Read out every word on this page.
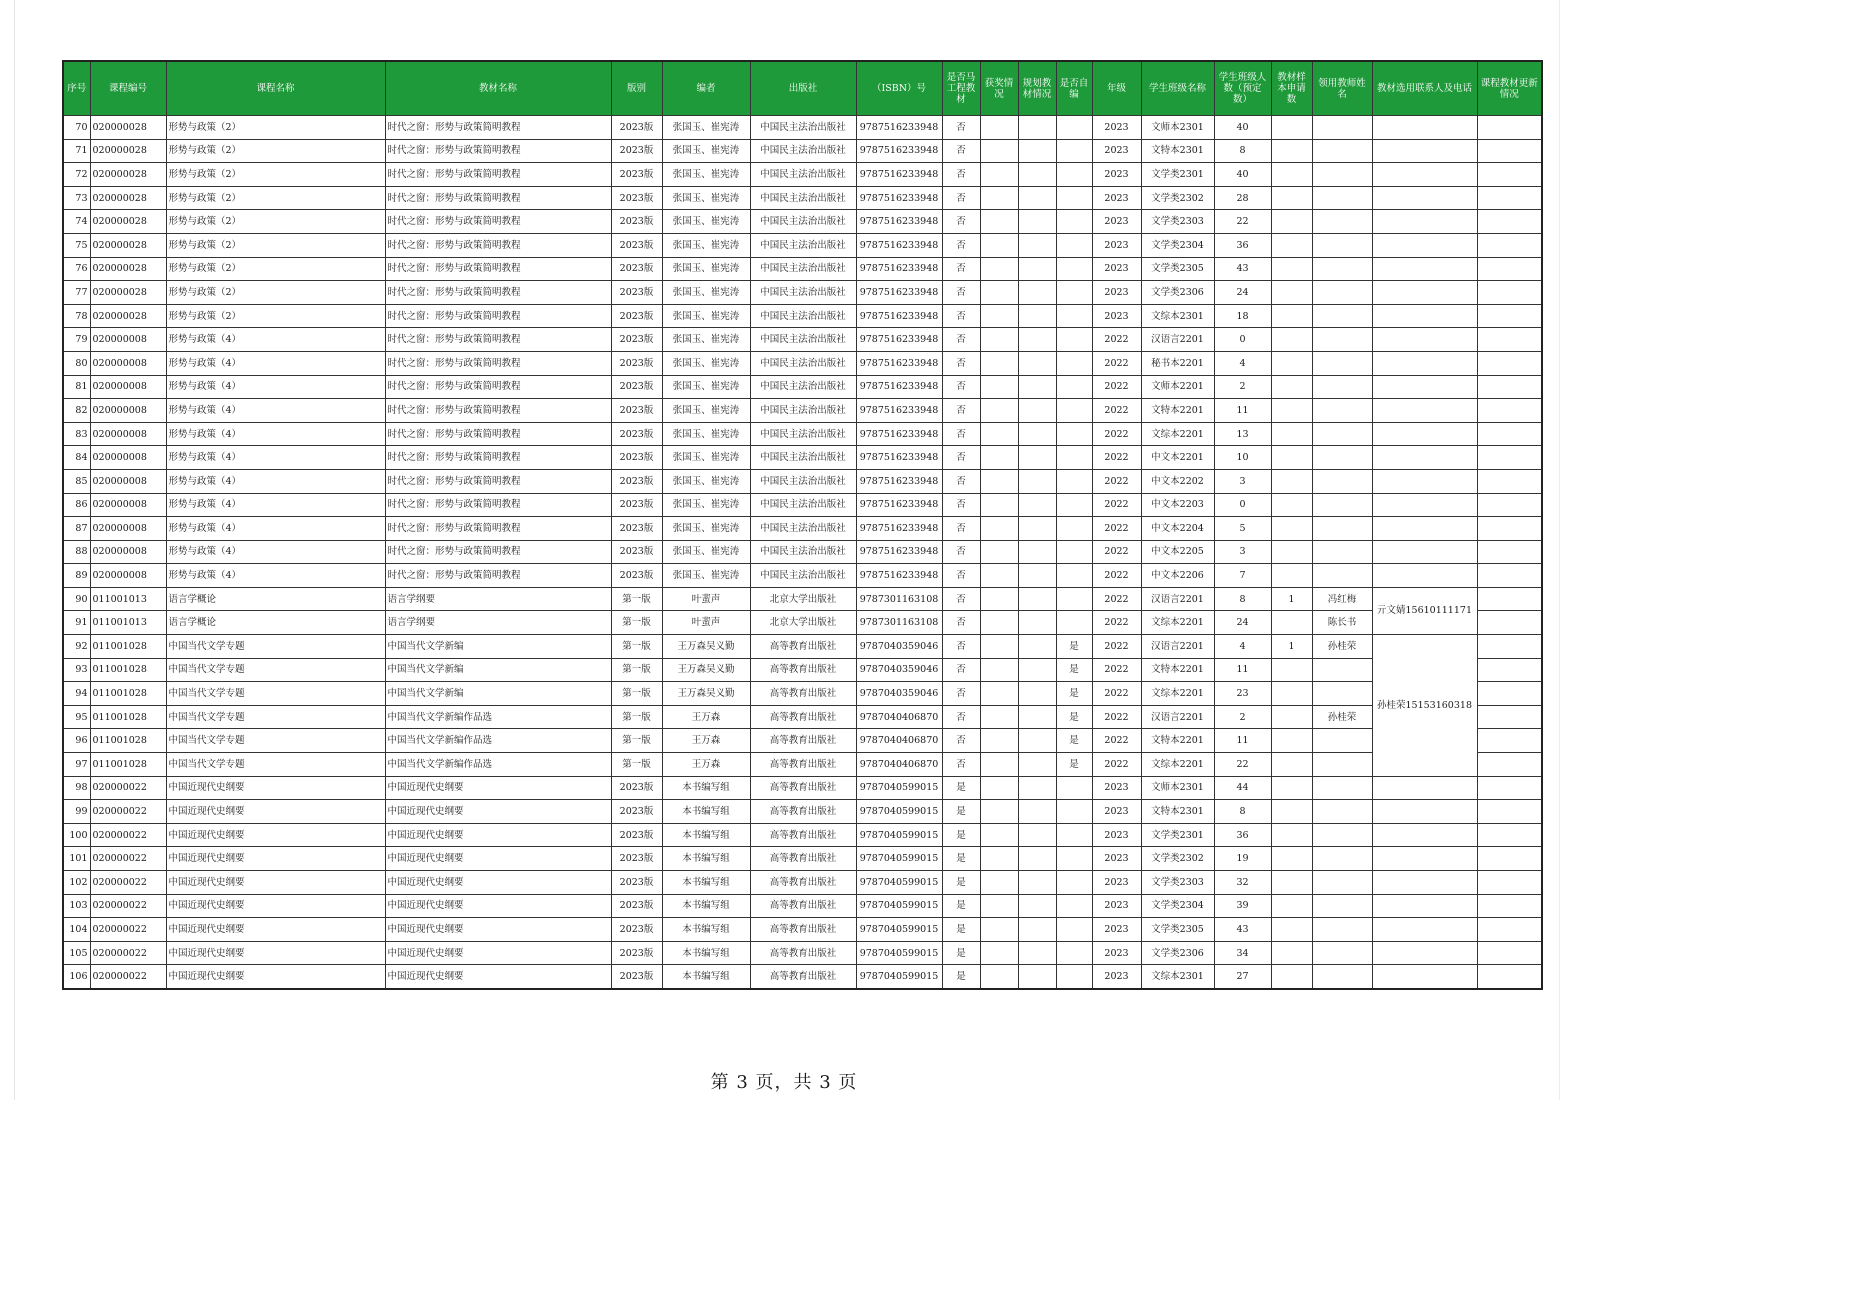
序号	课程编号	课程名称	教材名称	版别	编者	出版社	（ISBN）号	是否马工程教材	获奖情况	规划教材情况	是否自编	年级	学生班级名称	学生班级人数（预定数）	教材样本申请数	领用教师姓名	教材选用联系人及电话	课程教材更新情况
70	020000028	形势与政策（2）	时代之窗：形势与政策简明教程	2023版	张国玉、崔宪涛	中国民主法治出版社	9787516233948	否				2023	文师本2301	40				
71	020000028	形势与政策（2）	时代之窗：形势与政策简明教程	2023版	张国玉、崔宪涛	中国民主法治出版社	9787516233948	否				2023	文特本2301	8				
72	020000028	形势与政策（2）	时代之窗：形势与政策简明教程	2023版	张国玉、崔宪涛	中国民主法治出版社	9787516233948	否				2023	文学类2301	40				
73	020000028	形势与政策（2）	时代之窗：形势与政策简明教程	2023版	张国玉、崔宪涛	中国民主法治出版社	9787516233948	否				2023	文学类2302	28				
74	020000028	形势与政策（2）	时代之窗：形势与政策简明教程	2023版	张国玉、崔宪涛	中国民主法治出版社	9787516233948	否				2023	文学类2303	22				
75	020000028	形势与政策（2）	时代之窗：形势与政策简明教程	2023版	张国玉、崔宪涛	中国民主法治出版社	9787516233948	否				2023	文学类2304	36				
76	020000028	形势与政策（2）	时代之窗：形势与政策简明教程	2023版	张国玉、崔宪涛	中国民主法治出版社	9787516233948	否				2023	文学类2305	43				
77	020000028	形势与政策（2）	时代之窗：形势与政策简明教程	2023版	张国玉、崔宪涛	中国民主法治出版社	9787516233948	否				2023	文学类2306	24				
78	020000028	形势与政策（2）	时代之窗：形势与政策简明教程	2023版	张国玉、崔宪涛	中国民主法治出版社	9787516233948	否				2023	文综本2301	18				
79	020000008	形势与政策（4）	时代之窗：形势与政策简明教程	2023版	张国玉、崔宪涛	中国民主法治出版社	9787516233948	否				2022	汉语言2201	0				
80	020000008	形势与政策（4）	时代之窗：形势与政策简明教程	2023版	张国玉、崔宪涛	中国民主法治出版社	9787516233948	否				2022	秘书本2201	4				
81	020000008	形势与政策（4）	时代之窗：形势与政策简明教程	2023版	张国玉、崔宪涛	中国民主法治出版社	9787516233948	否				2022	文师本2201	2				
82	020000008	形势与政策（4）	时代之窗：形势与政策简明教程	2023版	张国玉、崔宪涛	中国民主法治出版社	9787516233948	否				2022	文特本2201	11				
83	020000008	形势与政策（4）	时代之窗：形势与政策简明教程	2023版	张国玉、崔宪涛	中国民主法治出版社	9787516233948	否				2022	文综本2201	13				
84	020000008	形势与政策（4）	时代之窗：形势与政策简明教程	2023版	张国玉、崔宪涛	中国民主法治出版社	9787516233948	否				2022	中文本2201	10				
85	020000008	形势与政策（4）	时代之窗：形势与政策简明教程	2023版	张国玉、崔宪涛	中国民主法治出版社	9787516233948	否				2022	中文本2202	3				
86	020000008	形势与政策（4）	时代之窗：形势与政策简明教程	2023版	张国玉、崔宪涛	中国民主法治出版社	9787516233948	否				2022	中文本2203	0				
87	020000008	形势与政策（4）	时代之窗：形势与政策简明教程	2023版	张国玉、崔宪涛	中国民主法治出版社	9787516233948	否				2022	中文本2204	5				
88	020000008	形势与政策（4）	时代之窗：形势与政策简明教程	2023版	张国玉、崔宪涛	中国民主法治出版社	9787516233948	否				2022	中文本2205	3				
89	020000008	形势与政策（4）	时代之窗：形势与政策简明教程	2023版	张国玉、崔宪涛	中国民主法治出版社	9787516233948	否				2022	中文本2206	7				
90	011001013	语言学概论	语言学纲要	第一版	叶蜚声	北京大学出版社	9787301163108	否				2022	汉语言2201	8	1	冯红梅	亓文婧15610111171	
91	011001013	语言学概论	语言学纲要	第一版	叶蜚声	北京大学出版社	9787301163108	否				2022	文综本2201	24		陈长书		
92	011001028	中国当代文学专题	中国当代文学新编	第一版	王万森吴义勤	高等教育出版社	9787040359046	否			是	2022	汉语言2201	4	1	孙桂荣	孙桂荣15153160318	
93	011001028	中国当代文学专题	中国当代文学新编	第一版	王万森吴义勤	高等教育出版社	9787040359046	否			是	2022	文特本2201	11				
94	011001028	中国当代文学专题	中国当代文学新编	第一版	王万森吴义勤	高等教育出版社	9787040359046	否			是	2022	文综本2201	23				
95	011001028	中国当代文学专题	中国当代文学新编作品选	第一版	王万森	高等教育出版社	9787040406870	否			是	2022	汉语言2201	2		孙桂荣		
96	011001028	中国当代文学专题	中国当代文学新编作品选	第一版	王万森	高等教育出版社	9787040406870	否			是	2022	文特本2201	11				
97	011001028	中国当代文学专题	中国当代文学新编作品选	第一版	王万森	高等教育出版社	9787040406870	否			是	2022	文综本2201	22				
98	020000022	中国近现代史纲要	中国近现代史纲要	2023版	本书编写组	高等教育出版社	9787040599015	是				2023	文师本2301	44				
99	020000022	中国近现代史纲要	中国近现代史纲要	2023版	本书编写组	高等教育出版社	9787040599015	是				2023	文特本2301	8				
100	020000022	中国近现代史纲要	中国近现代史纲要	2023版	本书编写组	高等教育出版社	9787040599015	是				2023	文学类2301	36				
101	020000022	中国近现代史纲要	中国近现代史纲要	2023版	本书编写组	高等教育出版社	9787040599015	是				2023	文学类2302	19				
102	020000022	中国近现代史纲要	中国近现代史纲要	2023版	本书编写组	高等教育出版社	9787040599015	是				2023	文学类2303	32				
103	020000022	中国近现代史纲要	中国近现代史纲要	2023版	本书编写组	高等教育出版社	9787040599015	是				2023	文学类2304	39				
104	020000022	中国近现代史纲要	中国近现代史纲要	2023版	本书编写组	高等教育出版社	9787040599015	是				2023	文学类2305	43				
105	020000022	中国近现代史纲要	中国近现代史纲要	2023版	本书编写组	高等教育出版社	9787040599015	是				2023	文学类2306	34				
106	020000022	中国近现代史纲要	中国近现代史纲要	2023版	本书编写组	高等教育出版社	9787040599015	是				2023	文综本2301	27				
第 3 页，共 3 页
